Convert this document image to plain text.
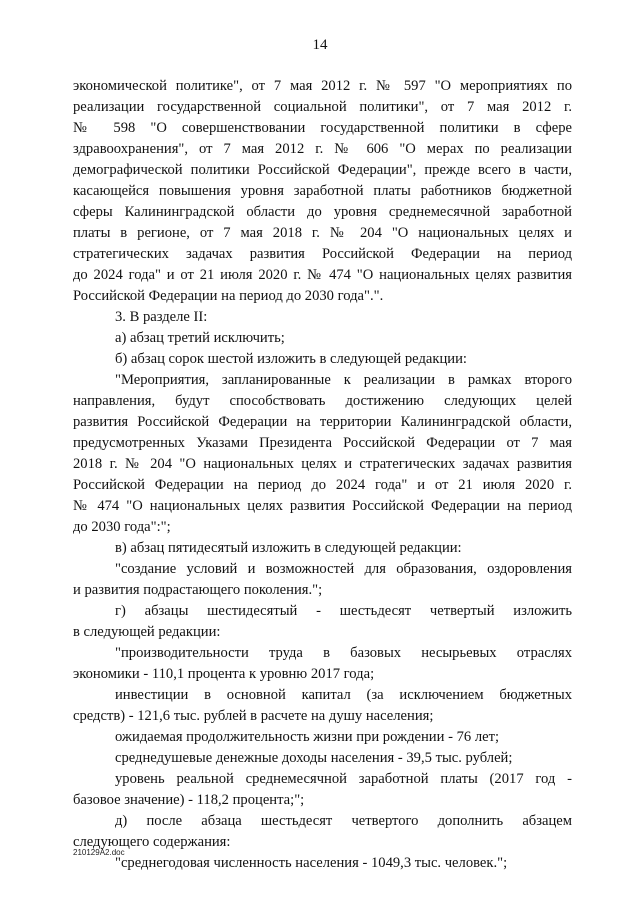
14
экономической политике", от 7 мая 2012 г. № 597 "О мероприятиях по
реализации государственной социальной политики", от 7 мая 2012 г.
№ 598 "О совершенствовании государственной политики в сфере
здравоохранения", от 7 мая 2012 г. № 606 "О мерах по реализации
демографической политики Российской Федерации", прежде всего в части,
касающейся повышения уровня заработной платы работников бюджетной
сферы Калининградской области до уровня среднемесячной заработной
платы в регионе, от 7 мая 2018 г. № 204 "О национальных целях и
стратегических задачах развития Российской Федерации на период
до 2024 года" и от 21 июля 2020 г. № 474 "О национальных целях развития
Российской Федерации на период до 2030 года".".
3. В разделе II:
а) абзац третий исключить;
б) абзац сорок шестой изложить в следующей редакции:
"Мероприятия, запланированные к реализации в рамках второго
направления, будут способствовать достижению следующих целей
развития Российской Федерации на территории Калининградской области,
предусмотренных Указами Президента Российской Федерации от 7 мая
2018 г. № 204 "О национальных целях и стратегических задачах развития
Российской Федерации на период до 2024 года" и от 21 июля 2020 г.
№ 474 "О национальных целях развития Российской Федерации на период
до 2030 года":";
в) абзац пятидесятый изложить в следующей редакции:
"создание условий и возможностей для образования, оздоровления
и развития подрастающего поколения.";
г) абзацы шестидесятый - шестьдесят четвертый изложить
в следующей редакции:
"производительности труда в базовых несырьевых отраслях
экономики - 110,1 процента к уровню 2017 года;
инвестиции в основной капитал (за исключением бюджетных
средств) - 121,6 тыс. рублей в расчете на душу населения;
ожидаемая продолжительность жизни при рождении - 76 лет;
среднедушевые денежные доходы населения - 39,5 тыс. рублей;
уровень реальной среднемесячной заработной платы (2017 год -
базовое значение) - 118,2 процента;";
д) после абзаца шестьдесят четвертого дополнить абзацем
следующего содержания:
"среднегодовая численность населения - 1049,3 тыс. человек.";
210129A2.doc
